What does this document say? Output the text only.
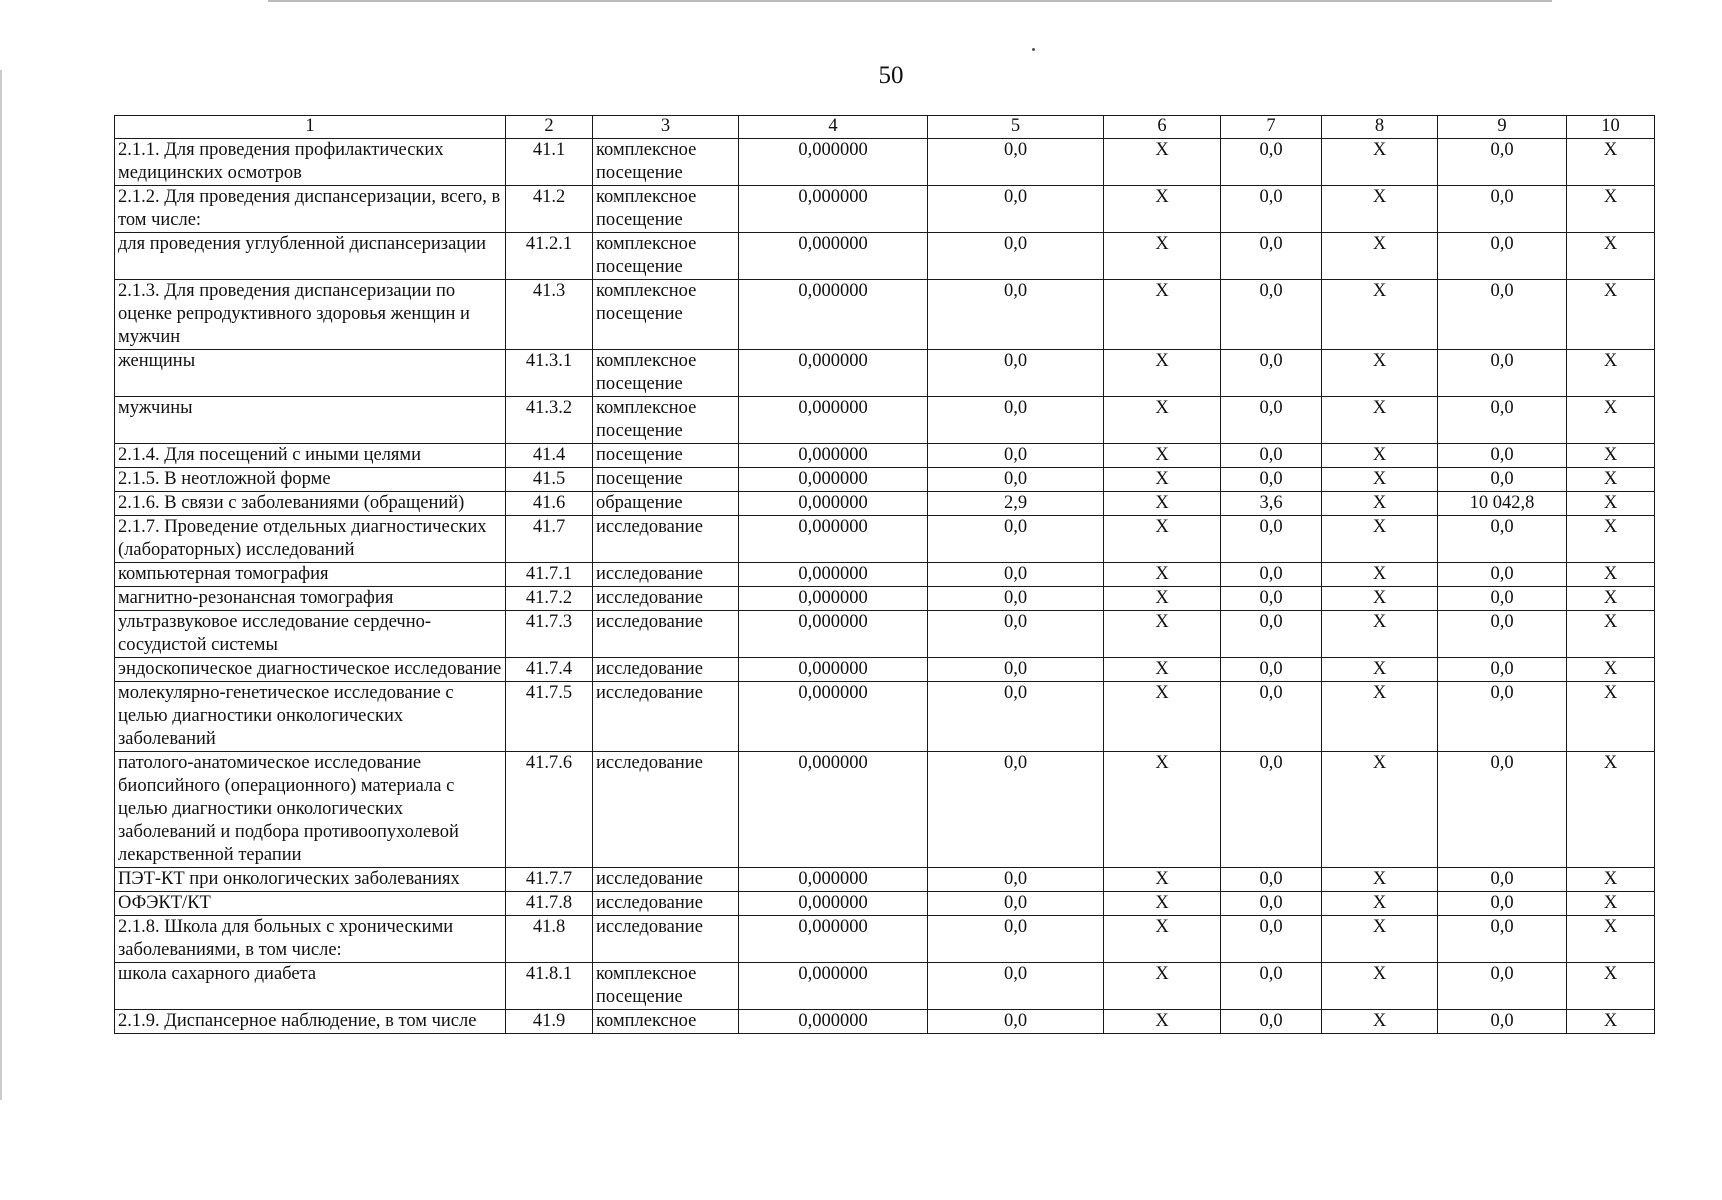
50
1	2	3	4	5	6	7	8	9	10
2.1.1. Для проведения профилактических медицинских осмотров	41.1	комплексное посещение	0,000000	0,0	Х	0,0	Х	0,0	Х
2.1.2. Для проведения диспансеризации, всего, в том числе:	41.2	комплексное посещение	0,000000	0,0	Х	0,0	Х	0,0	Х
для проведения углубленной диспансеризации	41.2.1	комплексное посещение	0,000000	0,0	Х	0,0	Х	0,0	Х
2.1.3. Для проведения диспансеризации по оценке репродуктивного здоровья женщин и мужчин	41.3	комплексное посещение	0,000000	0,0	Х	0,0	Х	0,0	Х
женщины	41.3.1	комплексное посещение	0,000000	0,0	Х	0,0	Х	0,0	Х
мужчины	41.3.2	комплексное посещение	0,000000	0,0	Х	0,0	Х	0,0	Х
2.1.4. Для посещений с иными целями	41.4	посещение	0,000000	0,0	Х	0,0	Х	0,0	Х
2.1.5. В неотложной форме	41.5	посещение	0,000000	0,0	Х	0,0	Х	0,0	Х
2.1.6. В связи с заболеваниями (обращений)	41.6	обращение	0,000000	2,9	Х	3,6	Х	10 042,8	Х
2.1.7. Проведение отдельных диагностических (лабораторных) исследований	41.7	исследование	0,000000	0,0	Х	0,0	Х	0,0	Х
компьютерная томография	41.7.1	исследование	0,000000	0,0	Х	0,0	Х	0,0	Х
магнитно-резонансная томография	41.7.2	исследование	0,000000	0,0	Х	0,0	Х	0,0	Х
ультразвуковое исследование сердечно-сосудистой системы	41.7.3	исследование	0,000000	0,0	Х	0,0	Х	0,0	Х
эндоскопическое диагностическое исследование	41.7.4	исследование	0,000000	0,0	Х	0,0	Х	0,0	Х
молекулярно-генетическое исследование с целью диагностики онкологических заболеваний	41.7.5	исследование	0,000000	0,0	Х	0,0	Х	0,0	Х
патолого-анатомическое исследование биопсийного (операционного) материала с целью диагностики онкологических заболеваний и подбора противоопухолевой лекарственной терапии	41.7.6	исследование	0,000000	0,0	Х	0,0	Х	0,0	Х
ПЭТ-КТ при онкологических заболеваниях	41.7.7	исследование	0,000000	0,0	Х	0,0	Х	0,0	Х
ОФЭКТ/КТ	41.7.8	исследование	0,000000	0,0	Х	0,0	Х	0,0	Х
2.1.8. Школа для больных с хроническими заболеваниями, в том числе:	41.8	исследование	0,000000	0,0	Х	0,0	Х	0,0	Х
школа сахарного диабета	41.8.1	комплексное посещение	0,000000	0,0	Х	0,0	Х	0,0	Х
2.1.9. Диспансерное наблюдение, в том числе	41.9	комплексное	0,000000	0,0	Х	0,0	Х	0,0	Х
